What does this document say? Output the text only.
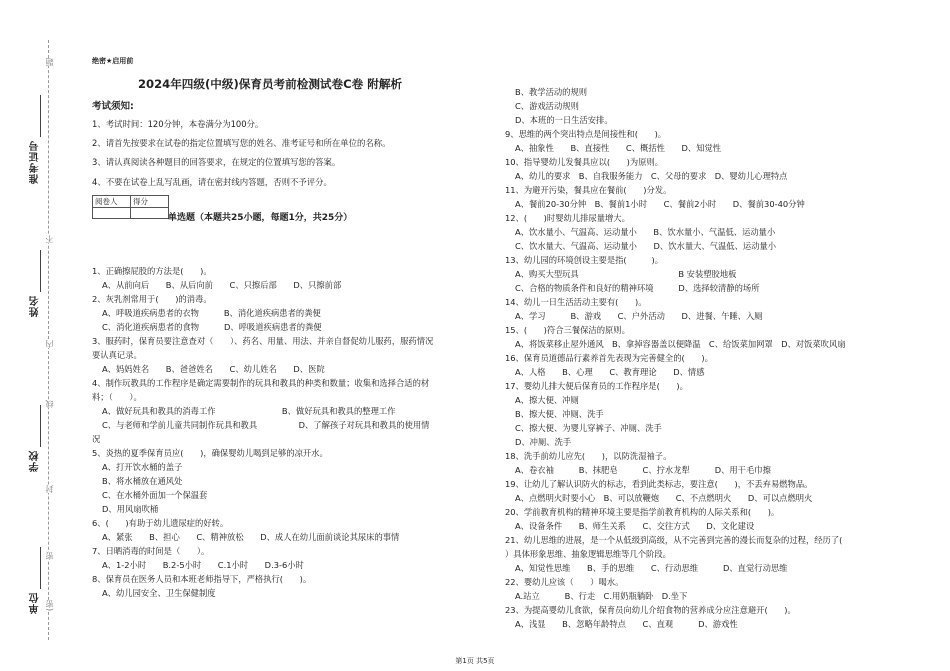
准考证号
姓名
学校
单位
题
不
内
线
封
密
(密
绝密★启用前
2024年四级(中级)保育员考前检测试卷C卷 附解析
考试须知:
1、考试时间：120分钟，本卷满分为100分。
2、请首先按要求在试卷的指定位置填写您的姓名、准考证号和所在单位的名称。
3、请认真阅读各种题目的回答要求，在规定的位置填写您的答案。
4、不要在试卷上乱写乱画，请在密封线内答题，否则不予评分。
阅卷人	得分

单选题（本题共25小题，每题1分，共25分）
1、正确擦屁股的方法是(　　)。
A、从前向后　　B、从后向前　　C、只擦后部　　D、只擦前部
2、灰乳剂常用于(　　)的消毒。
A、呼吸道疾病患者的衣物　　　B、消化道疾病患者的粪便
C、消化道疾病患者的食物　　　D、呼吸道疾病患者的粪便
3、服药时，保育员要注意查对（　　）、药名、用量、用法、并亲自督促幼儿服药，服药情况
要认真记录。
A、妈妈姓名　　B、爸爸姓名　　C、幼儿姓名　　D、医院
4、制作玩教具的工作程序是确定需要制作的玩具和教具的种类和数量；收集和选择合适的材
料；（　　）。
A、做好玩具和教具的消毒工作　　　　　　　　B、做好玩具和教具的整理工作
C、与老师和学前儿童共同制作玩具和教具　　　　　D、了解孩子对玩具和教具的使用情
况
5、炎热的夏季保育员应(　　)，确保婴幼儿喝到足够的凉开水。
A、打开饮水桶的盖子
B、将水桶放在通风处
C、在水桶外面加一个保温套
D、用风扇吹桶
6、(　　)有助于幼儿遗尿症的好转。
A、紧张　　B、担心　　C、精神放松　　D、成人在幼儿面前谈论其尿床的事情
7、日晒消毒的时间是（　　）。
A、1-2小时　　B.2-5小时　　C.1小时　　D.3-6小时
8、保育员在医务人员和本班老师指导下，严格执行(　　)。
A、幼儿园安全、卫生保健制度
B、教学活动的规则
C、游戏活动规则
D、本班的一日生活安排。
9、思维的两个突出特点是间接性和(　　)。
A、抽象性　　B、直接性　　C、概括性　　D、知觉性
10、指导婴幼儿发餐具应以(　　)为原则。
A、幼儿的要求　B、自我服务能力　C、父母的要求　D、婴幼儿心理特点
11、为避开污染，餐具应在餐前(　　)分发。
A、餐前20-30分钟　B、餐前1小时　　C、餐前2小时　　D、餐前30-40分钟
12、(　　)时婴幼儿排尿量增大。
A、饮水量小、气温高、运动量小　　B、饮水量小、气温低、运动量小
C、饮水量大、气温高、运动量小　　D、饮水量大、气温低、运动量小
13、幼儿园的环境创设主要是指(　　　)。
A、购买大型玩具　　　　　　　　　　　　B 安装塑胶地板
C、合格的物质条件和良好的精神环境　　　D、选择较清静的场所
14、幼儿一日生活活动主要有(　　)。
A、学习　　　B、游戏　　C、户外活动　　D、进餐、午睡、入厕
15、(　　)符合三餐保洁的原则。
A、将饭菜移止屋外通风　B、拿掉容器盖以便降温　C、给饭菜加网罩　D、对饭菜吹风扇
16、保育员道德品行素养首先表现为完善健全的(　　)。
A、人格　　B、心理　　C、教育理论　　D、情感
17、婴幼儿排大便后保育员的工作程序是(　　)。
A、擦大便、冲厕
B、擦大便、冲厕、洗手
C、擦大便、为婴儿穿裤子、冲厕、洗手
D、冲厕、洗手
18、洗手前幼儿应先(　　)，以防洗湿袖子。
A、卷衣袖　　　B、抹肥皂　　　C、拧水龙犁　　　D、用干毛巾擦
19、让幼儿了解认识防火的标志，看到此类标志，要注意(　　)，不丢弃易燃物品。
A、点燃明火时要小心　B、可以放鞭炮　　C、不点燃明火　　D、可以点燃明火
20、学前教育机构的精神环境主要是指学前教育机构的人际关系和(　　)。
A、设备条件　　B、师生关系　　C、交往方式　　D、文化建设
21、幼儿思维的进展，是一个从低级到高级，从不完善到完善的漫长而复杂的过程，经历了(
）具体形象思维、抽象逻辑思维等几个阶段。
A、知觉性思维　　B、手的思维　　C、行动思维　　　D、直觉行动思维
22、婴幼儿应该（　　）喝水。
A.站立　　　B、行走　C.用奶瓶躺卧　D.坐下
23、为提高婴幼儿食欲，保育员向幼儿介绍食物的营养成分应注意避开(　　)。
A、浅显　　B、忽略年龄特点　　C、直观　　　D、游戏性
第1页 共5页
